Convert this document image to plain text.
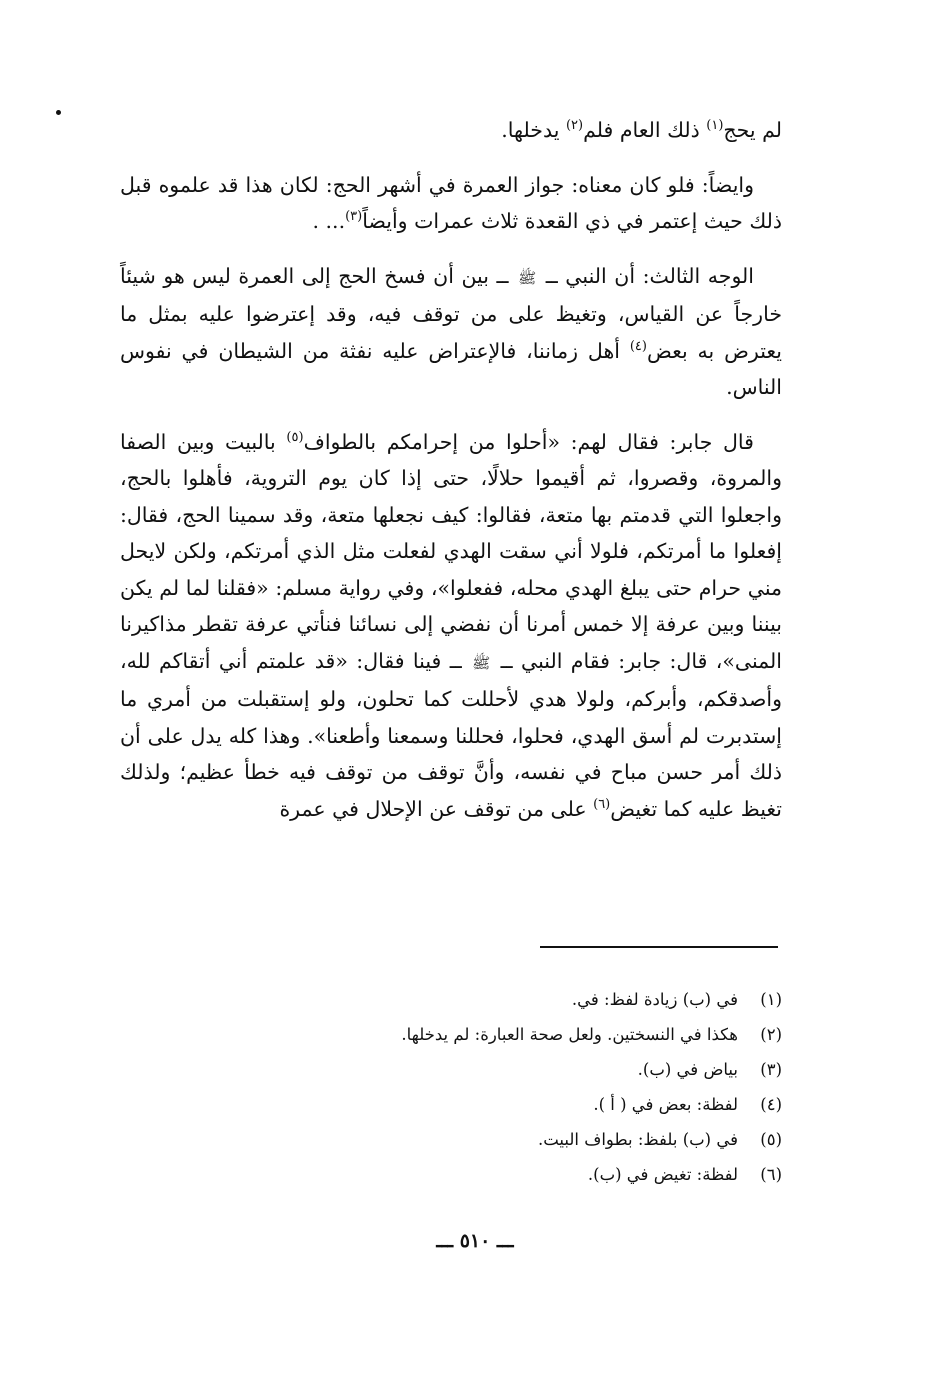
لم يحج$^{(١)}$ ذلك العام فلم$^{(٢)}$ يدخلها.

وايضاً: فلو كان معناه: جواز العمرة في أشهر الحج: لكان هذا قد علموه قبل ذلك حيث إعتمر في ذي القعدة ثلاث عمرات وأيضاً$^{(٣)}$... .

الوجه الثالث: أن النبي ــ ﷺ ــ بين أن فسخ الحج إلى العمرة ليس هو شيئاً خارجاً عن القياس، وتغيظ على من توقف فيه، وقد إعترضوا عليه بمثل ما يعترض به بعض$^{(٤)}$ أهل زماننا، فالإعتراض عليه نفثة من الشيطان في نفوس الناس.

قال جابر: فقال لهم: «أحلوا من إحرامكم بالطواف$^{(٥)}$ بالبيت وبين الصفا والمروة، وقصروا، ثم أقيموا حلالًا، حتى إذا كان يوم التروية، فأهلوا بالحج، واجعلوا التي قدمتم بها متعة، فقالوا: كيف نجعلها متعة، وقد سمينا الحج، فقال: إفعلوا ما أمرتكم، فلولا أني سقت الهدي لفعلت مثل الذي أمرتكم، ولكن لايحل مني حرام حتى يبلغ الهدي محله، ففعلوا»، وفي رواية مسلم: «فقلنا لما لم يكن بيننا وبين عرفة إلا خمس أمرنا أن نفضي إلى نسائنا فنأتي عرفة تقطر مذاكيرنا المنى»، قال: جابر: فقام النبي ــ ﷺ ــ فينا فقال: «قد علمتم أني أتقاكم لله، وأصدقكم، وأبركم، ولولا هدي لأحللت كما تحلون، ولو إستقبلت من أمري ما إستدبرت لم أسق الهدي، فحلوا، فحللنا وسمعنا وأطعنا». وهذا كله يدل على أن ذلك أمر حسن مباح في نفسه، وأنَّ توقف من توقف فيه خطأ عظيم؛ ولذلك تغيظ عليه كما تغيض$^{(٦)}$ على من توقف عن الإحلال في عمرة

(١)
في (ب) زيادة لفظ: في.
(٢)
هكذا في النسختين. ولعل صحة العبارة: لم يدخلها.
(٣)
بياض في (ب).
(٤)
لفظة: بعض في ( أ ).
(٥)
في (ب) بلفظ: بطواف البيت.
(٦)
لفظة: تغيض في (ب).
ـــ ٥١٠ ـــ
